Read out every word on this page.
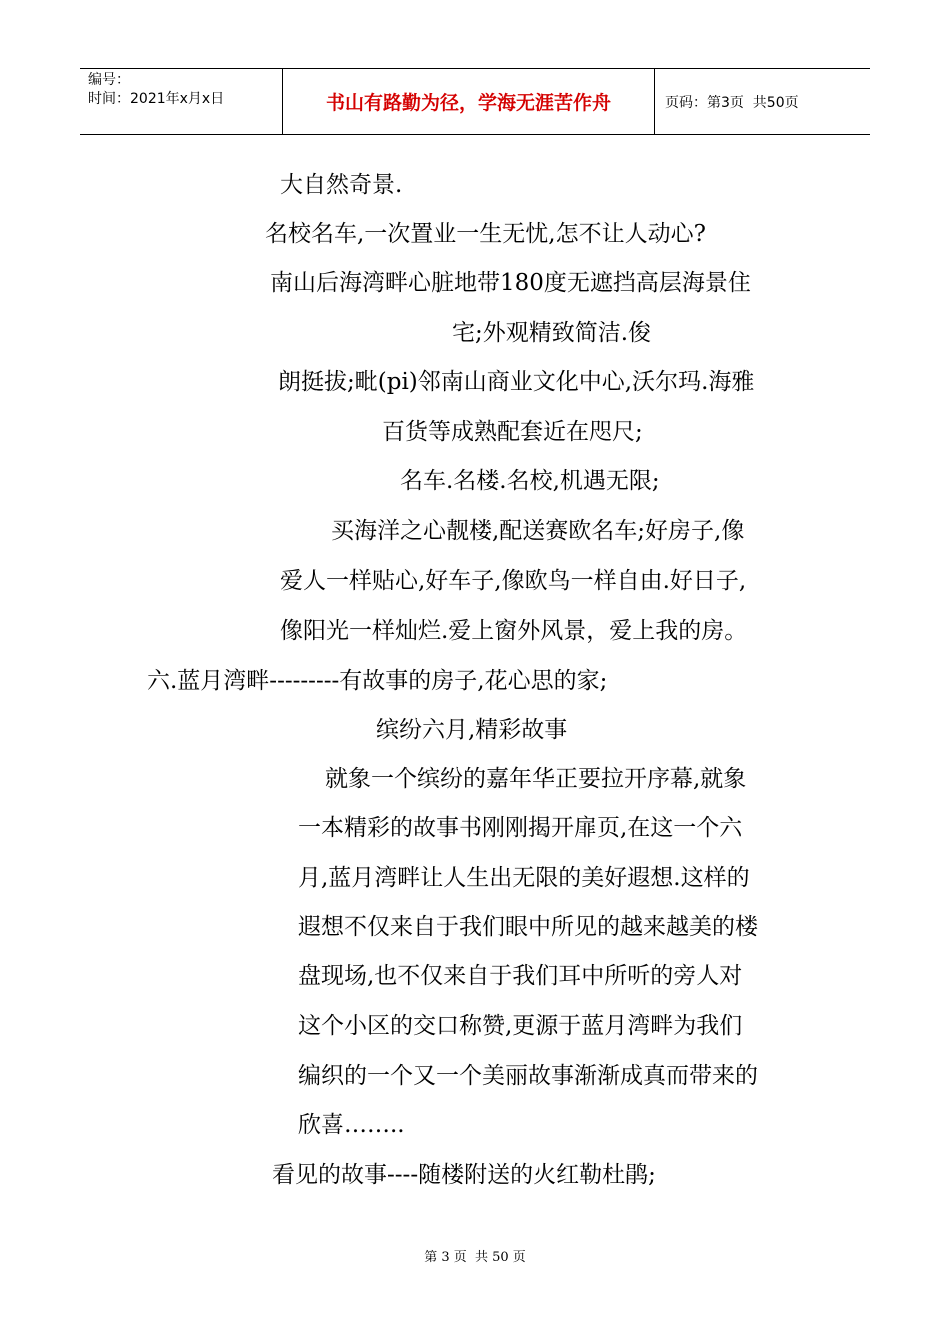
编号：
时间：2021年x月x日	书山有路勤为径，学海无涯苦作舟	页码：第3页  共50页
大自然奇景.
名校名车,一次置业一生无忧,怎不让人动心?
南山后海湾畔心脏地带180度无遮挡高层海景住
宅;外观精致简洁.俊
朗挺拔;毗(pi)邻南山商业文化中心,沃尔玛.海雅
百货等成熟配套近在咫尺;
名车.名楼.名校,机遇无限;
买海洋之心靓楼,配送赛欧名车;好房子,像
爱人一样贴心,好车子,像欧鸟一样自由.好日子,
像阳光一样灿烂.爱上窗外风景，爱上我的房。
六.蓝月湾畔---------有故事的房子,花心思的家;
缤纷六月,精彩故事
就象一个缤纷的嘉年华正要拉开序幕,就象
一本精彩的故事书刚刚揭开扉页,在这一个六
月,蓝月湾畔让人生出无限的美好遐想.这样的
遐想不仅来自于我们眼中所见的越来越美的楼
盘现场,也不仅来自于我们耳中所听的旁人对
这个小区的交口称赞,更源于蓝月湾畔为我们
编织的一个又一个美丽故事渐渐成真而带来的
欣喜……..
看见的故事----随楼附送的火红勒杜鹃;
第 3 页  共 50 页
